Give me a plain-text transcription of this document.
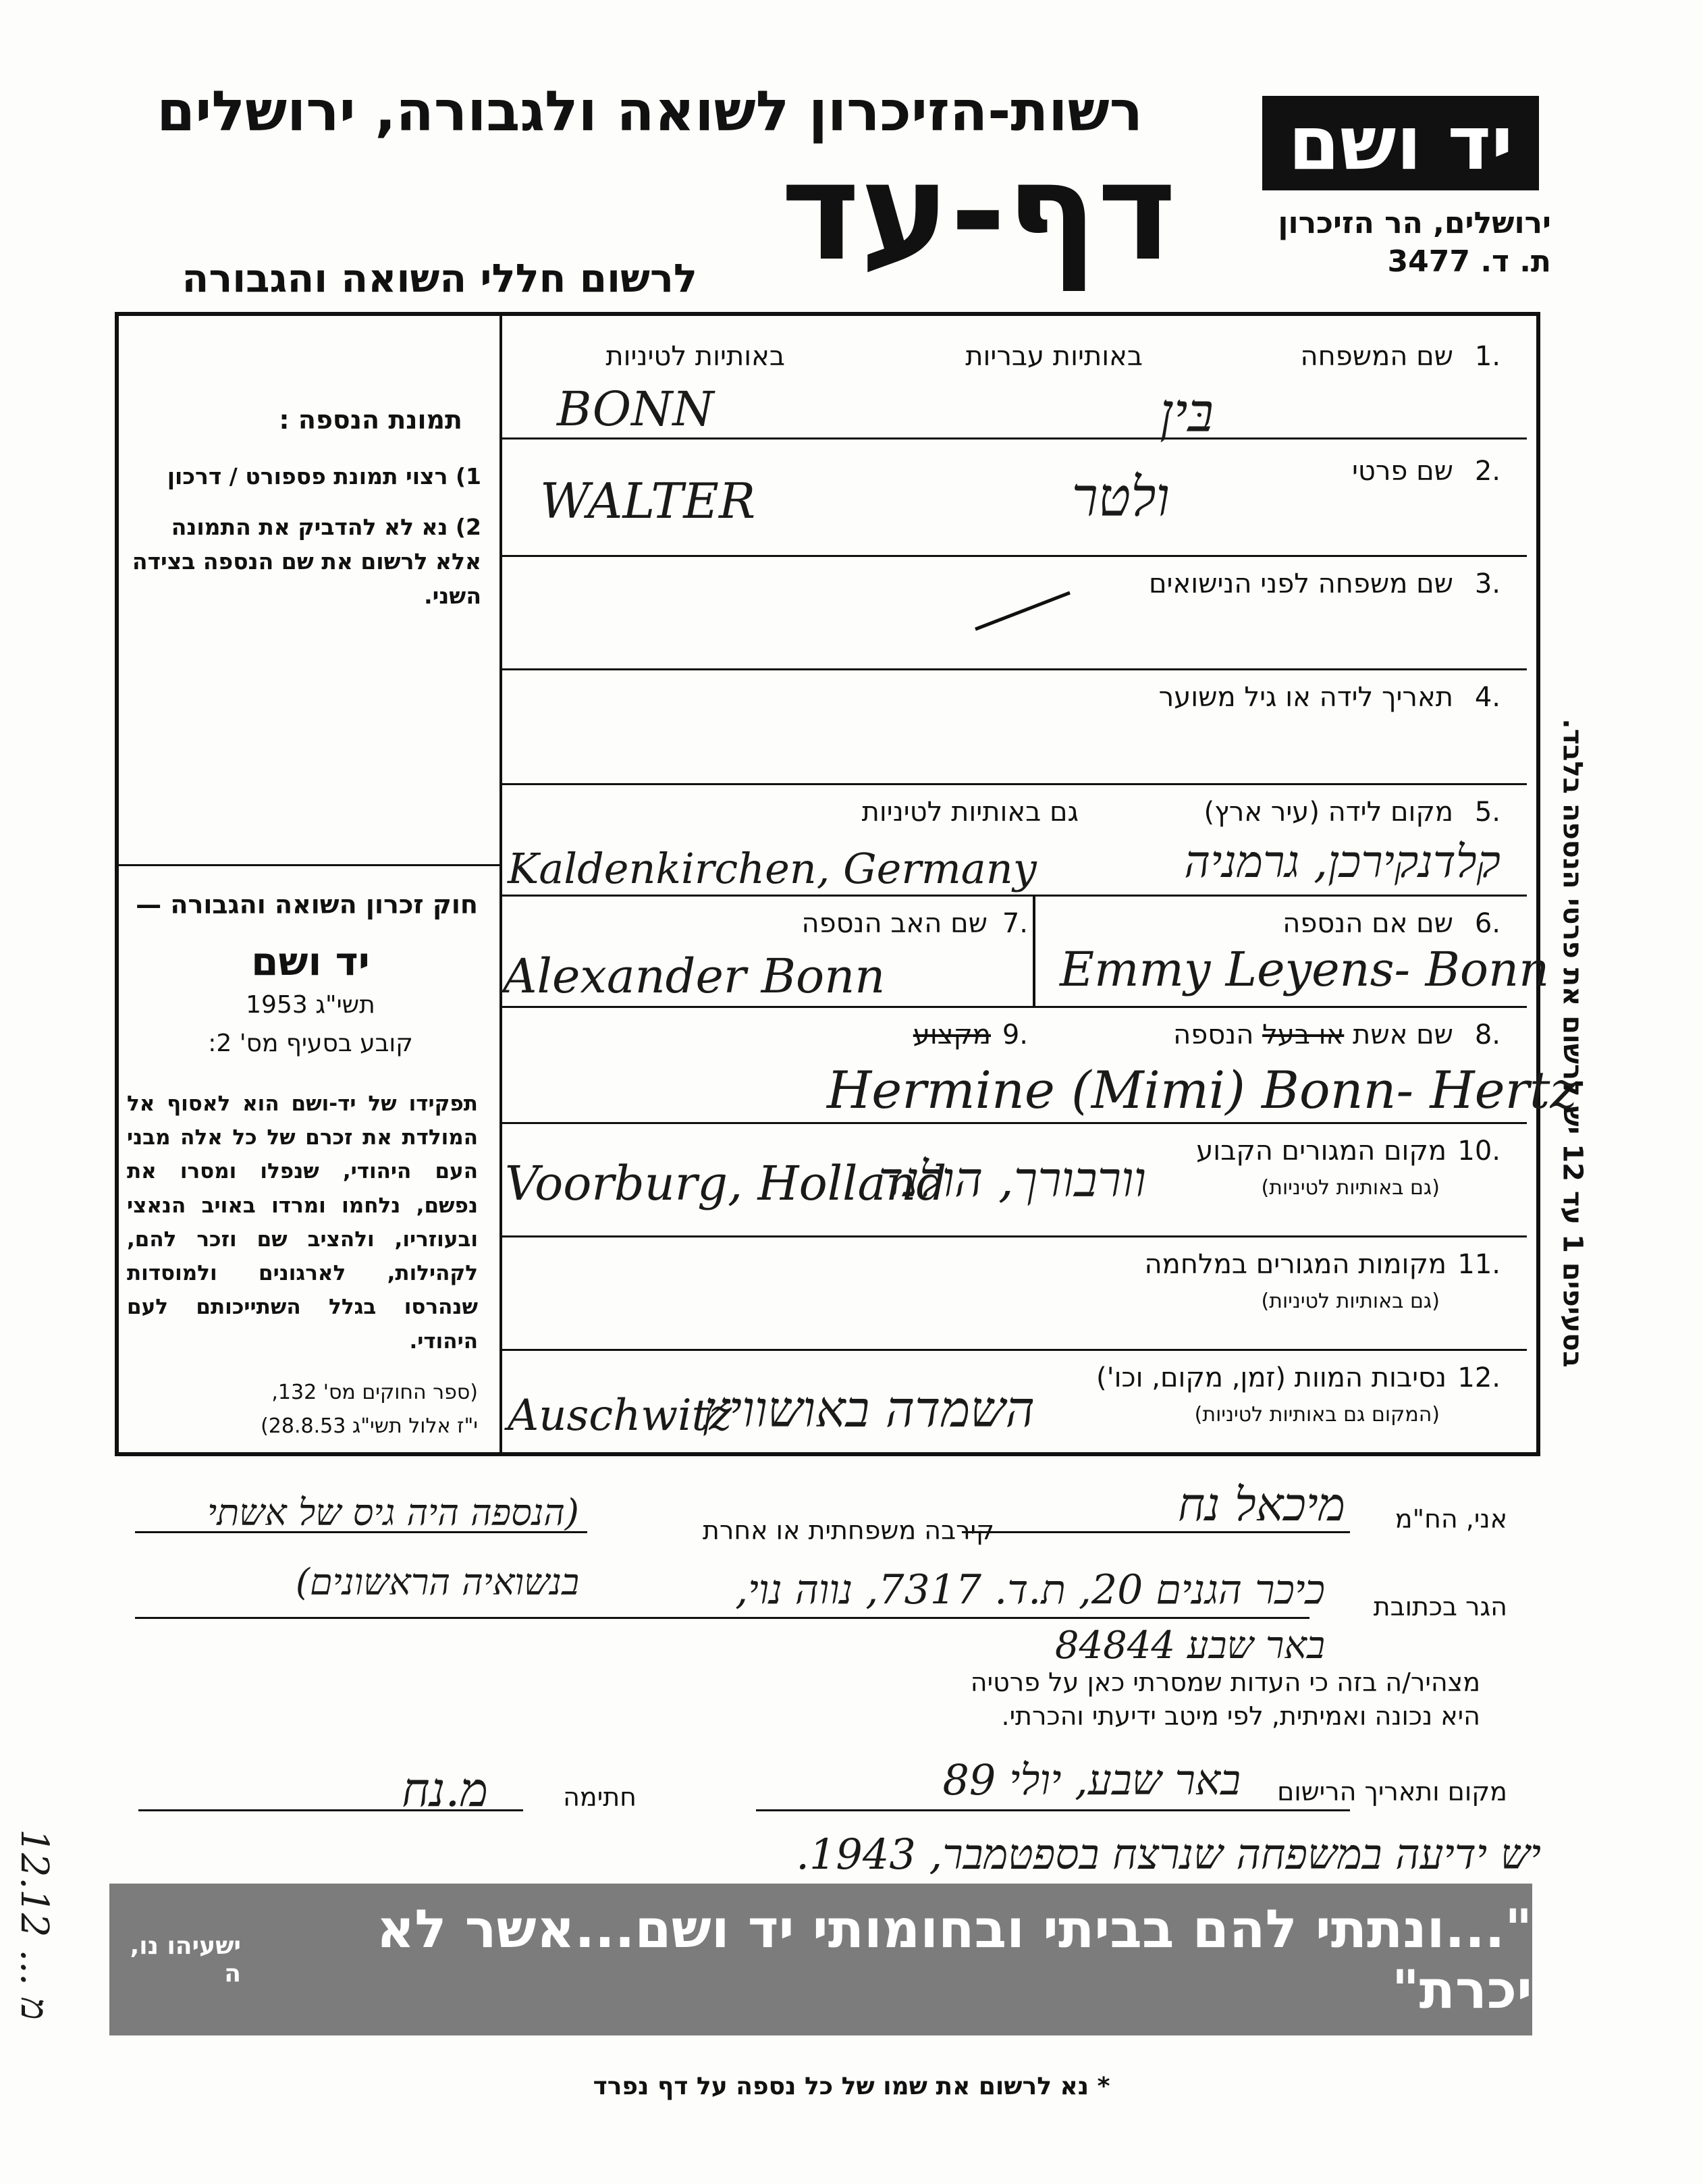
רשות-הזיכרון לשואה ולגבורה, ירושלים
דף-עד
לרשום חללי השואה והגבורה
יד ושם
ירושלים, הר הזיכרון
ת. ד. 3477
תמונת הנספה :
1) רצוי תמונת פספורט / דרכון
2) נא לא להדביק את התמונה אלא לרשום את שם הנספה בצידה השני.
חוק זכרון השואה והגבורה —
יד ושם
תשי"ג 1953
קובע בסעיף מס' 2:
תפקידו של יד-ושם הוא לאסוף אל המולדת את זכרם של כל אלה מבני העם היהודי, שנפלו ומסרו את נפשם, נלחמו ומרדו באויב הנאצי ובעוזריו, ולהציב שם וזכר להם, לקהילות, לארגונים ולמוסדות שנהרסו בגלל השתייכותם לעם היהודי.
(ספר החוקים מס' 132,
י"ז אלול תשי"ג 28.8.53)
.1
שם המשפחה
באותיות עבריות
באותיות לטיניות
BONN	בּין
.2
שם פרטי
WALTER	ולטר
.3
שם משפחה לפני הנישואים
.4
תאריך לידה או גיל משוער
.5
מקום לידה (עיר ארץ)
גם באותיות לטיניות
Kaldenkirchen, Germany	קלדנקירכן, גרמניה
.6
שם אם הנספה
Emmy Leyens- Bonn
.7
שם האב הנספה
Alexander Bonn
.8
שם אשת או בעל הנספה
.9
מקצוע
Hermine (Mimi) Bonn- Hertz
.10
מקום המגורים הקבוע
(גם באותיות לטיניות)
Voorburg, Holland
וורבורך, הולנד
.11
מקומות המגורים במלחמה
(גם באותיות לטיניות)
.12
נסיבות המוות (זמן, מקום, וכו')
(המקום גם באותיות לטיניות)
Auschwitz
השמדה באושוויץ
בסעיפים 1 עד 12 יש לרשום את פרטי הנספה בלבד.
אני, הח"מ
מיכאל נח
קירבה משפחתית או אחרת
(הנספה היה גיס של אשתי בנשואיה הראשונים)
הגר בכתובת
כיכר הגנים 20, ת.ד. 7317, נווה נוי,
באר שבע 84844
מצהיר/ה בזה כי העדות שמסרתי כאן על פרטיה
היא נכונה ואמיתית, לפי מיטב ידיעתי והכרתי.
מקום ותאריך הרישום
באר שבע, יולי 89
חתימה
מ.נח
יש ידיעה במשפחה שנרצח בספטמבר, 1943.
12.12 ... מ
"...ונתתי להם בביתי ובחומותי יד ושם...אשר לא יכרת"
ישעיהו נו, ה
* נא לרשום את שמו של כל נספה על דף נפרד
